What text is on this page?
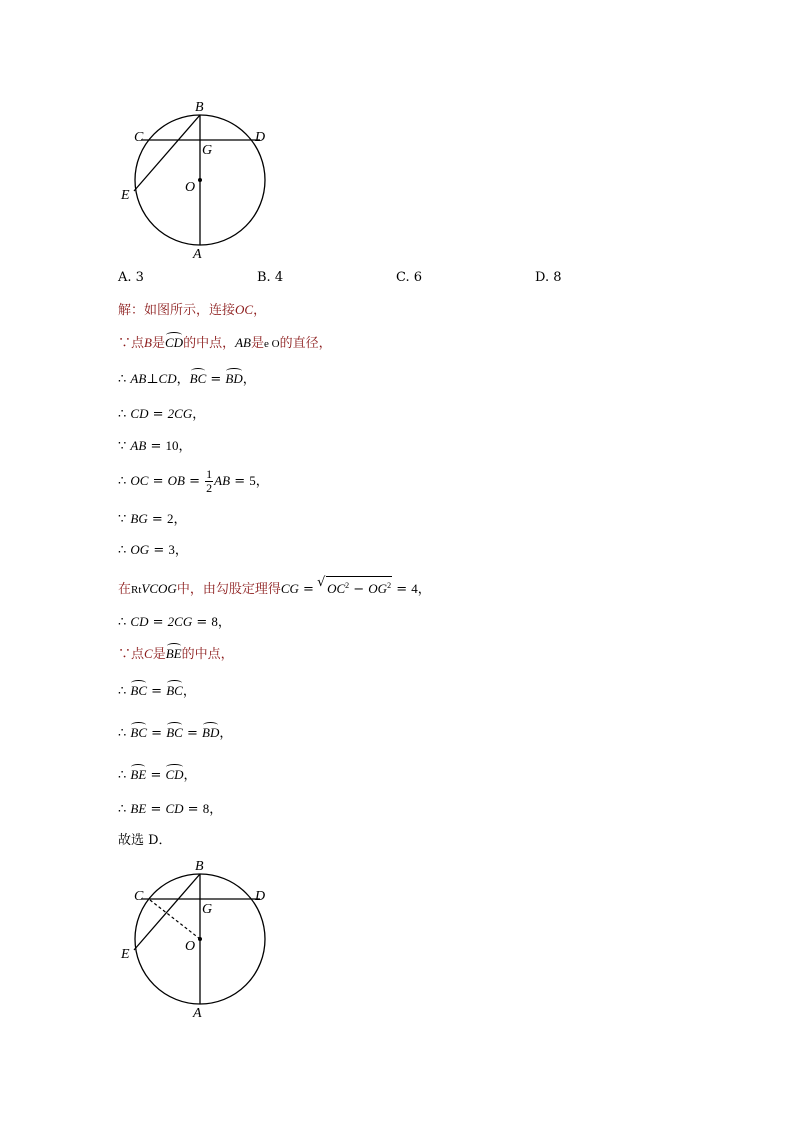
B
C	D
G
O
E
A
A. 3	B. 4	C. 6	D. 8
解：如图所示，连接OC，
∵点B是CD的中点，AB是e O的直径，
∴ AB⊥CD，BC = BD，
∴ CD = 2CG，
∵ AB = 10，
∴ OC = OB = $\frac{1}{2}$ AB = 5，
∵ BG = 2，
∴ OG = 3，
在RtVCOG中，由勾股定理得CG = √ $OC^2 - OG^2 = 4$，
∴ CD = 2CG = 8，
∵点C是BE的中点，
∴ BC = BC，
∴ BC = BC = BD，
∴ BE = CD，
∴ BE = CD = 8，
故选 D．
B
C	D
G
O
E
A
